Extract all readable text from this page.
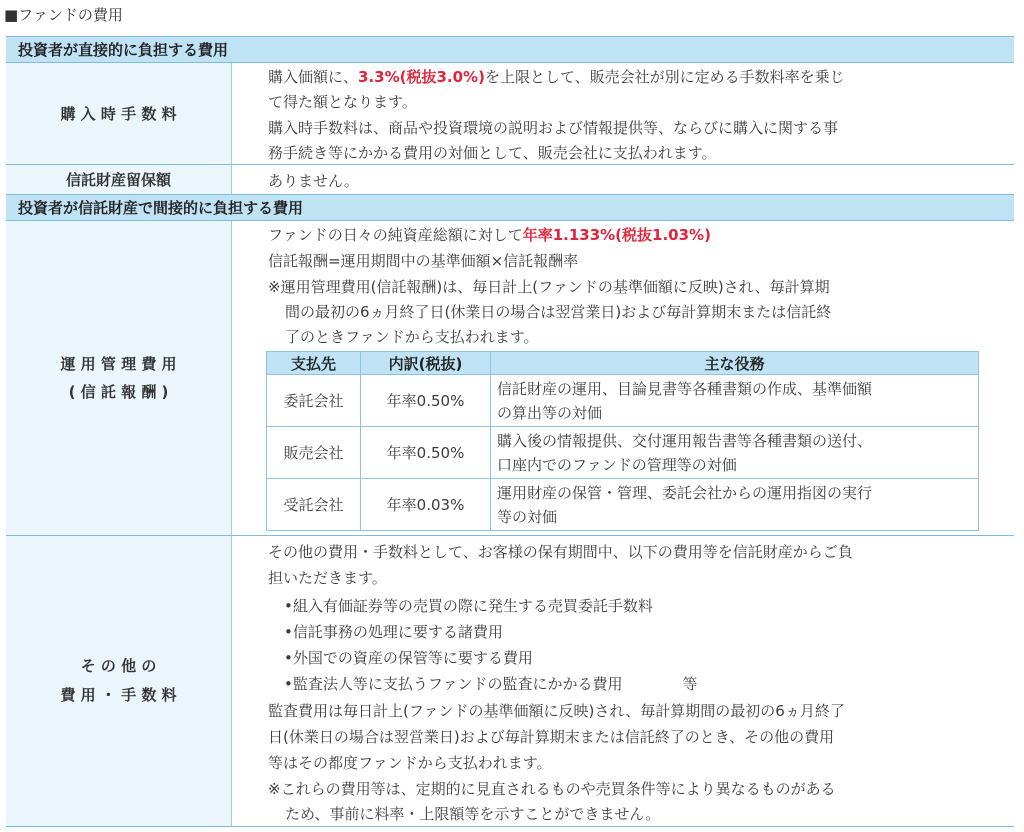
■ファンドの費用
投資者が直接的に負担する費用
購 入 時 手 数 料
購入価額に、3.3%(税抜3.0%)を上限として、販売会社が別に定める手数料率を乗じ
て得た額となります。
購入時手数料は、商品や投資環境の説明および情報提供等、ならびに購入に関する事
務手続き等にかかる費用の対価として、販売会社に支払われます。
信託財産留保額	ありません。
投資者が信託財産で間接的に負担する費用
運 用 管 理 費 用
( 信 託 報 酬 )
ファンドの日々の純資産総額に対して年率1.133%(税抜1.03%)
信託報酬=運用期間中の基準価額×信託報酬率
※運用管理費用(信託報酬)は、毎日計上(ファンドの基準価額に反映)され、毎計算期
間の最初の6ヵ月終了日(休業日の場合は翌営業日)および毎計算期末または信託終
了のときファンドから支払われます。
支払先	内訳(税抜)	主な役務
委託会社	年率0.50%	信託財産の運用、目論見書等各種書類の作成、基準価額
の算出等の対価

販売会社	年率0.50%	購入後の情報提供、交付運用報告書等各種書類の送付、
口座内でのファンドの管理等の対価

受託会社	年率0.03%	運用財産の保管・管理、委託会社からの運用指図の実行
等の対価
そ の 他 の
費 用 ・ 手 数 料
その他の費用・手数料として、お客様の保有期間中、以下の費用等を信託財産からご負
担いただきます。
•組入有価証券等の売買の際に発生する売買委託手数料
•信託事務の処理に要する諸費用
•外国での資産の保管等に要する費用
•監査法人等に支払うファンドの監査にかかる費用　　　　等
監査費用は毎日計上(ファンドの基準価額に反映)され、毎計算期間の最初の6ヵ月終了
日(休業日の場合は翌営業日)および毎計算期末または信託終了のとき、その他の費用
等はその都度ファンドから支払われます。
※これらの費用等は、定期的に見直されるものや売買条件等により異なるものがある
ため、事前に料率・上限額等を示すことができません。
